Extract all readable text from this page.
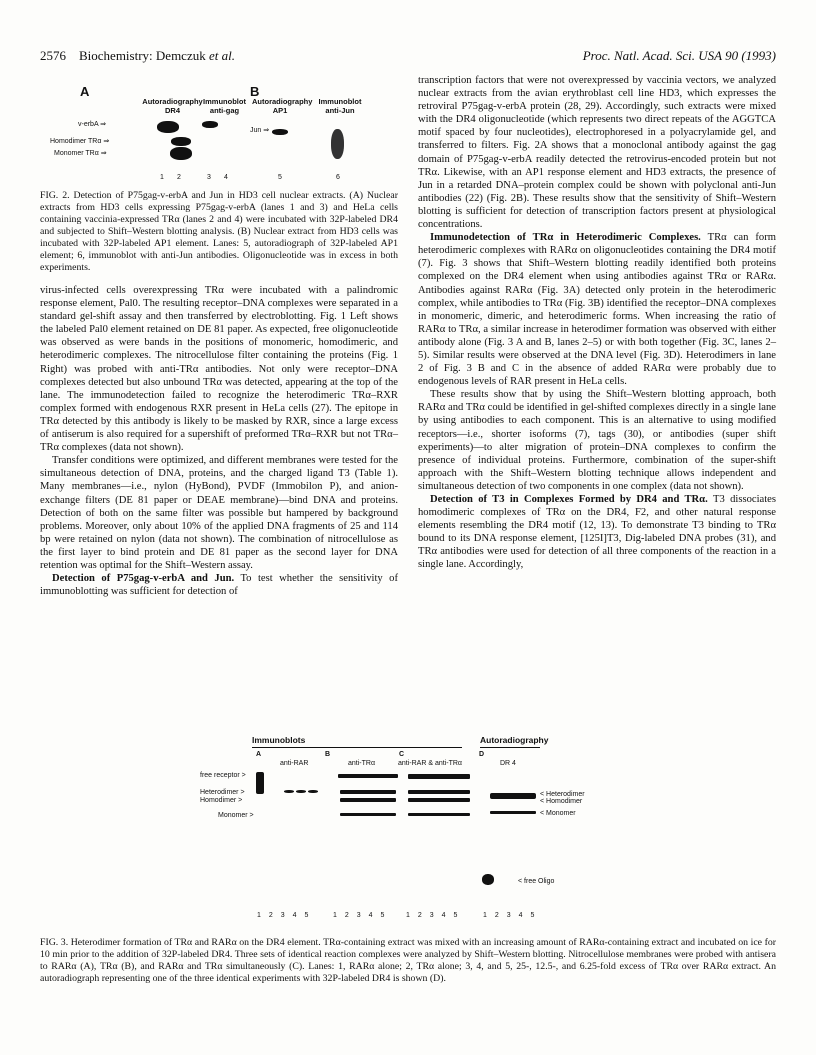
2576 Biochemistry: Demczuk et al.	Proc. Natl. Acad. Sci. USA 90 (1993)
A	B
Autoradiography DR4
Immunoblot anti-gag
Autoradiography AP1
Immunoblot anti-Jun
v-erbA ⇒
Homodimer TRα ⇒
Monomer TRα ⇒
Jun ⇒
1 2	3 4	5	6
FIG. 2. Detection of P75gag-v-erbA and Jun in HD3 cell nuclear extracts. (A) Nuclear extracts from HD3 cells expressing P75gag-v-erbA (lanes 1 and 3) and HeLa cells containing vaccinia-expressed TRα (lanes 2 and 4) were incubated with 32P-labeled DR4 and subjected to Shift–Western blotting analysis. (B) Nuclear extract from HD3 cells was incubated with 32P-labeled AP1 element. Lanes: 5, autoradiograph of 32P-labeled AP1 element; 6, immunoblot with anti-Jun antibodies. Oligonucleotide was in excess in both experiments.

virus-infected cells overexpressing TRα were incubated with a palindromic response element, Pal0. The resulting receptor–DNA complexes were separated in a standard gel-shift assay and then transferred by electroblotting. Fig. 1 Left shows the labeled Pal0 element retained on DE 81 paper. As expected, free oligonucleotide was observed as were bands in the positions of monomeric, homodimeric, and heterodimeric complexes. The nitrocellulose filter containing the proteins (Fig. 1 Right) was probed with anti-TRα antibodies. Not only were receptor–DNA complexes detected but also unbound TRα was detected, appearing at the top of the lane. The immunodetection failed to recognize the heterodimeric TRα–RXR complex formed with endogenous RXR present in HeLa cells (27). The epitope in TRα detected by this antibody is likely to be masked by RXR, since a large excess of antiserum is also required for a supershift of preformed TRα–RXR but not TRα–TRα complexes (data not shown).

Transfer conditions were optimized, and different membranes were tested for the simultaneous detection of DNA, proteins, and the charged ligand T3 (Table 1). Many membranes—i.e., nylon (HyBond), PVDF (Immobilon P), and anion-exchange filters (DE 81 paper or DEAE membrane)—bind DNA and proteins. Detection of both on the same filter was possible but hampered by background problems. Moreover, only about 10% of the applied DNA fragments of 25 and 114 bp were retained on nylon (data not shown). The combination of nitrocellulose as the first layer to bind protein and DE 81 paper as the second layer for DNA retention was optimal for the Shift–Western assay.

Detection of P75gag-v-erbA and Jun. To test whether the sensitivity of immunoblotting was sufficient for detection of

transcription factors that were not overexpressed by vaccinia vectors, we analyzed nuclear extracts from the avian erythroblast cell line HD3, which expresses the retroviral P75gag-v-erbA protein (28, 29). Accordingly, such extracts were mixed with the DR4 oligonucleotide (which represents two direct repeats of the AGGTCA motif spaced by four nucleotides), electrophoresed in a polyacrylamide gel, and transferred to filters. Fig. 2A shows that a monoclonal antibody against the gag domain of P75gag-v-erbA readily detected the retrovirus-encoded protein but not TRα. Likewise, with an AP1 response element and HD3 extracts, the presence of Jun in a retarded DNA–protein complex could be shown with polyclonal anti-Jun antibodies (22) (Fig. 2B). These results show that the sensitivity of Shift–Western blotting is sufficient for detection of transcription factors present at physiological concentrations.

Immunodetection of TRα in Heterodimeric Complexes. TRα can form heterodimeric complexes with RARα on oligonucleotides containing the DR4 motif (7). Fig. 3 shows that Shift–Western blotting readily identified both proteins complexed on the DR4 element when using antibodies against TRα or RARα. Antibodies against RARα (Fig. 3A) detected only protein in the heterodimeric complex, while antibodies to TRα (Fig. 3B) identified the receptor–DNA complexes in monomeric, dimeric, and heterodimeric forms. When increasing the ratio of RARα to TRα, a similar increase in heterodimer formation was observed with either antibody alone (Fig. 3 A and B, lanes 2–5) or with both together (Fig. 3C, lanes 2–5). Similar results were observed at the DNA level (Fig. 3D). Heterodimers in lane 2 of Fig. 3 B and C in the absence of added RARα were probably due to endogenous levels of RAR present in HeLa cells.

These results show that by using the Shift–Western blotting approach, both RARα and TRα could be identified in gel-shifted complexes directly in a single lane by using antibodies to each component. This is an alternative to using modified receptors—i.e., shorter isoforms (7), tags (30), or antibodies (super shift experiments)—to alter migration of protein–DNA complexes to confirm the presence of individual proteins. Furthermore, combination of the super-shift approach with the Shift–Western blotting technique allows independent and simultaneous detection of two components in one complex (data not shown).

Detection of T3 in Complexes Formed by DR4 and TRα. T3 dissociates homodimeric complexes of TRα on the DR4, F2, and other natural response elements resembling the DR4 motif (12, 13). To demonstrate T3 binding to TRα bound to its DNA response element, [125I]T3, Dig-labeled DNA probes (31), and TRα antibodies were used for detection of all three components of the reaction in a single lane. Accordingly,

Immunoblots	Autoradiography
A	B	C	D
anti-RAR	anti-TRα	anti-RAR & anti-TRα	DR 4
free receptor >
Heterodimer >
Homodimer >
Monomer >
< Heterodimer
< Homodimer
< Monomer
< free Oligo
1 2 3 4 5	1 2 3 4 5	1 2 3 4 5	1 2 3 4 5
FIG. 3. Heterodimer formation of TRα and RARα on the DR4 element. TRα-containing extract was mixed with an increasing amount of RARα-containing extract and incubated on ice for 10 min prior to the addition of 32P-labeled DR4. Three sets of identical reaction complexes were analyzed by Shift–Western blotting. Nitrocellulose membranes were probed with antisera to RARα (A), TRα (B), and RARα and TRα simultaneously (C). Lanes: 1, RARα alone; 2, TRα alone; 3, 4, and 5, 25-, 12.5-, and 6.25-fold excess of TRα over RARα extract. An autoradiograph representing one of the three identical experiments with 32P-labeled DR4 is shown (D).
